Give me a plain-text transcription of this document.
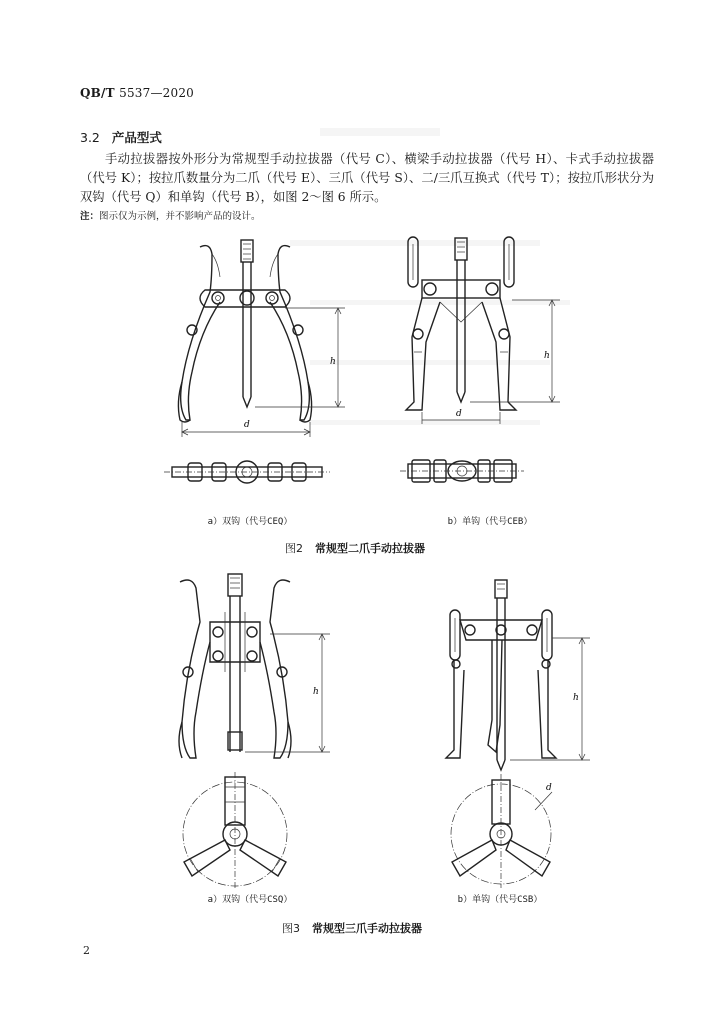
QB/T 5537—2020
3.2 产品型式
手动拉拔器按外形分为常规型手动拉拔器（代号 C）、横梁手动拉拔器（代号 H）、卡式手动拉拔器（代号 K）；按拉爪数量分为二爪（代号 E）、三爪（代号 S）、二/三爪互换式（代号 T）；按拉爪形状分为双钩（代号 Q）和单钩（代号 B），如图 2～图 6 所示。
注：图示仅为示例，并不影响产品的设计。
h
d
h
d
a）双钩（代号CEQ）	b）单钩（代号CEB）
图2 常规型二爪手动拉拔器
h
h
d
a）双钩（代号CSQ）	b）单钩（代号CSB）
图3 常规型三爪手动拉拔器
2
